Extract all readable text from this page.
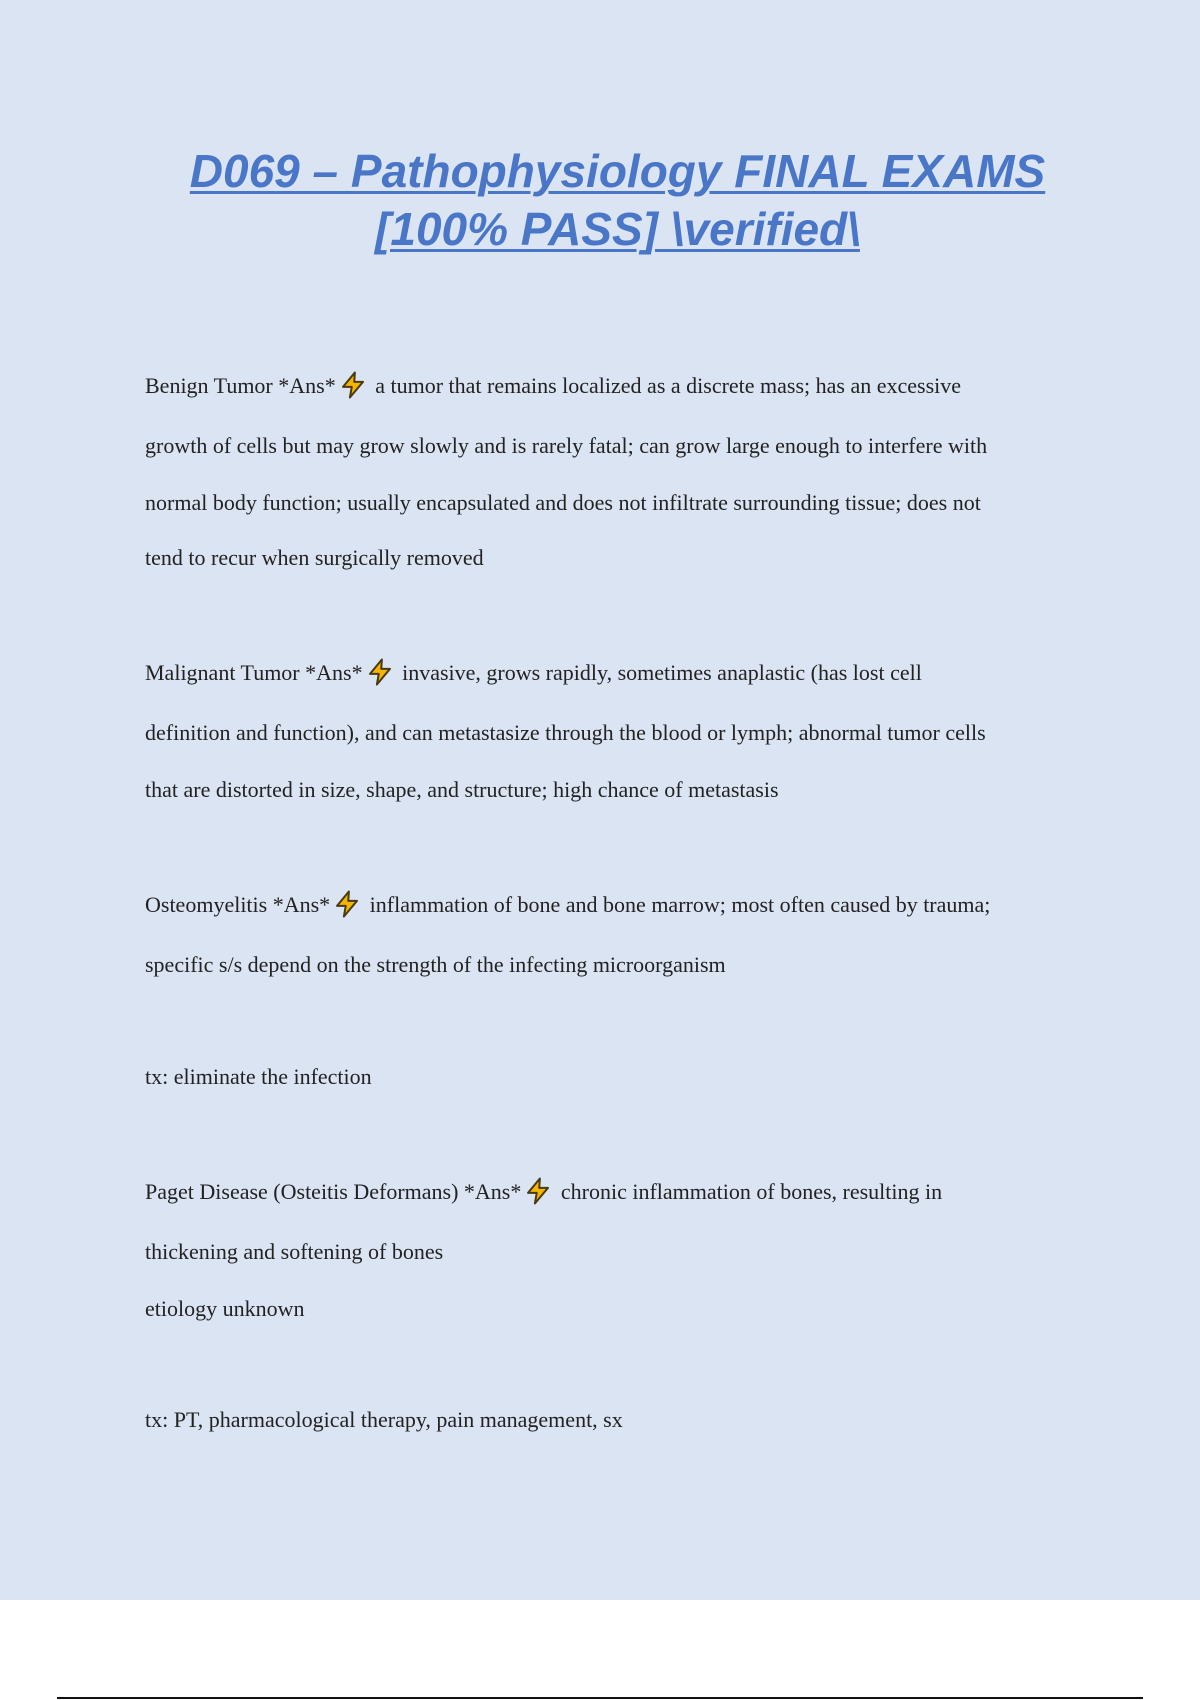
D069 – Pathophysiology FINAL EXAMS
[100% PASS] \verified\
Benign Tumor *Ans* a tumor that remains localized as a discrete mass; has an excessive
growth of cells but may grow slowly and is rarely fatal; can grow large enough to interfere with
normal body function; usually encapsulated and does not infiltrate surrounding tissue; does not
tend to recur when surgically removed
Malignant Tumor *Ans* invasive, grows rapidly, sometimes anaplastic (has lost cell
definition and function), and can metastasize through the blood or lymph; abnormal tumor cells
that are distorted in size, shape, and structure; high chance of metastasis
Osteomyelitis *Ans* inflammation of bone and bone marrow; most often caused by trauma;
specific s/s depend on the strength of the infecting microorganism
tx: eliminate the infection
Paget Disease (Osteitis Deformans) *Ans* chronic inflammation of bones, resulting in
thickening and softening of bones
etiology unknown
tx: PT, pharmacological therapy, pain management, sx
